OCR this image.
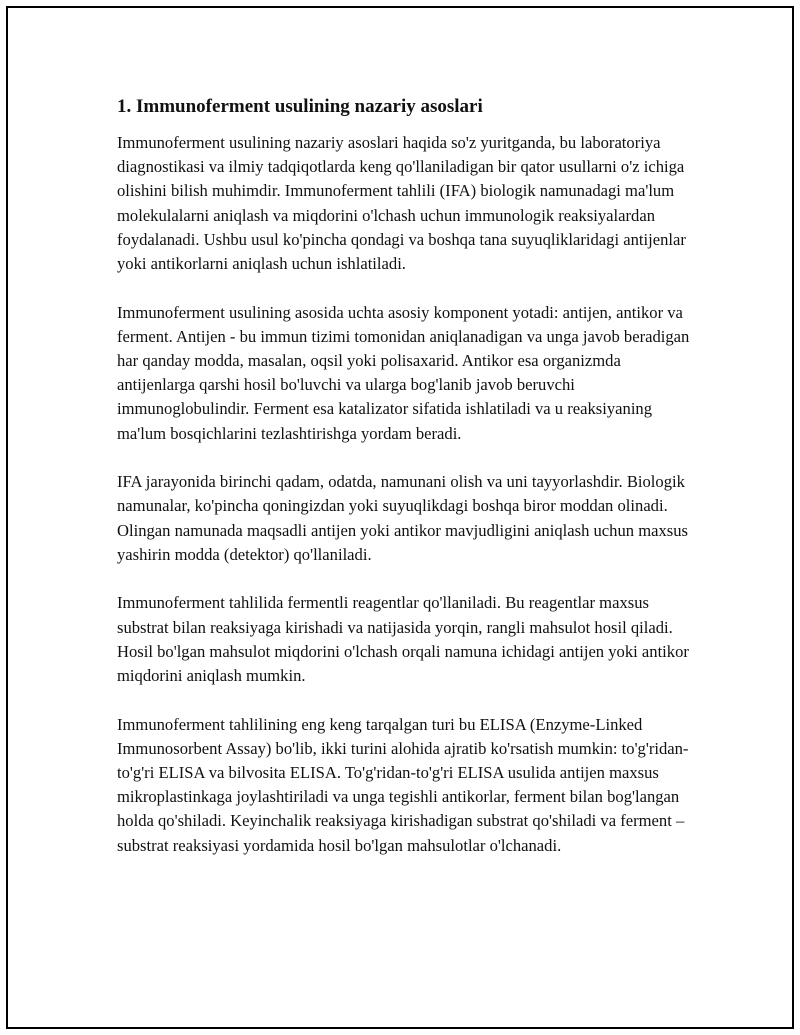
1. Immunoferment usulining nazariy asoslari

Immunoferment usulining nazariy asoslari haqida so'z yuritganda, bu laboratoriya diagnostikasi va ilmiy tadqiqotlarda keng qo'llaniladigan bir qator usullarni o'z ichiga olishini bilish muhimdir. Immunoferment tahlili (IFA) biologik namunadagi ma'lum molekulalarni aniqlash va miqdorini o'lchash uchun immunologik reaksiyalardan foydalanadi. Ushbu usul ko'pincha qondagi va boshqa tana suyuqliklaridagi antijenlar yoki antikorlarni aniqlash uchun ishlatiladi.

Immunoferment usulining asosida uchta asosiy komponent yotadi: antijen, antikor va ferment. Antijen - bu immun tizimi tomonidan aniqlanadigan va unga javob beradigan har qanday modda, masalan, oqsil yoki polisaxarid. Antikor esa organizmda antijenlarga qarshi hosil bo'luvchi va ularga bog'lanib javob beruvchi immunoglobulindir. Ferment esa katalizator sifatida ishlatiladi va u reaksiyaning ma'lum bosqichlarini tezlashtirishga yordam beradi.

IFA jarayonida birinchi qadam, odatda, namunani olish va uni tayyorlashdir. Biologik namunalar, ko'pincha qoningizdan yoki suyuqlikdagi boshqa biror moddan olinadi. Olingan namunada maqsadli antijen yoki antikor mavjudligini aniqlash uchun maxsus yashirin modda (detektor) qo'llaniladi.

Immunoferment tahlilida fermentli reagentlar qo'llaniladi. Bu reagentlar maxsus substrat bilan reaksiyaga kirishadi va natijasida yorqin, rangli mahsulot hosil qiladi. Hosil bo'lgan mahsulot miqdorini o'lchash orqali namuna ichidagi antijen yoki antikor miqdorini aniqlash mumkin.

Immunoferment tahlilining eng keng tarqalgan turi bu ELISA (Enzyme-Linked Immunosorbent Assay) bo'lib, ikki turini alohida ajratib ko'rsatish mumkin: to'g'ridan-to'g'ri ELISA va bilvosita ELISA. To'g'ridan-to'g'ri ELISA usulida antijen maxsus mikroplastinkaga joylashtiriladi va unga tegishli antikorlar, ferment bilan bog'langan holda qo'shiladi. Keyinchalik reaksiyaga kirishadigan substrat qo'shiladi va ferment – substrat reaksiyasi yordamida hosil bo'lgan mahsulotlar o'lchanadi.
